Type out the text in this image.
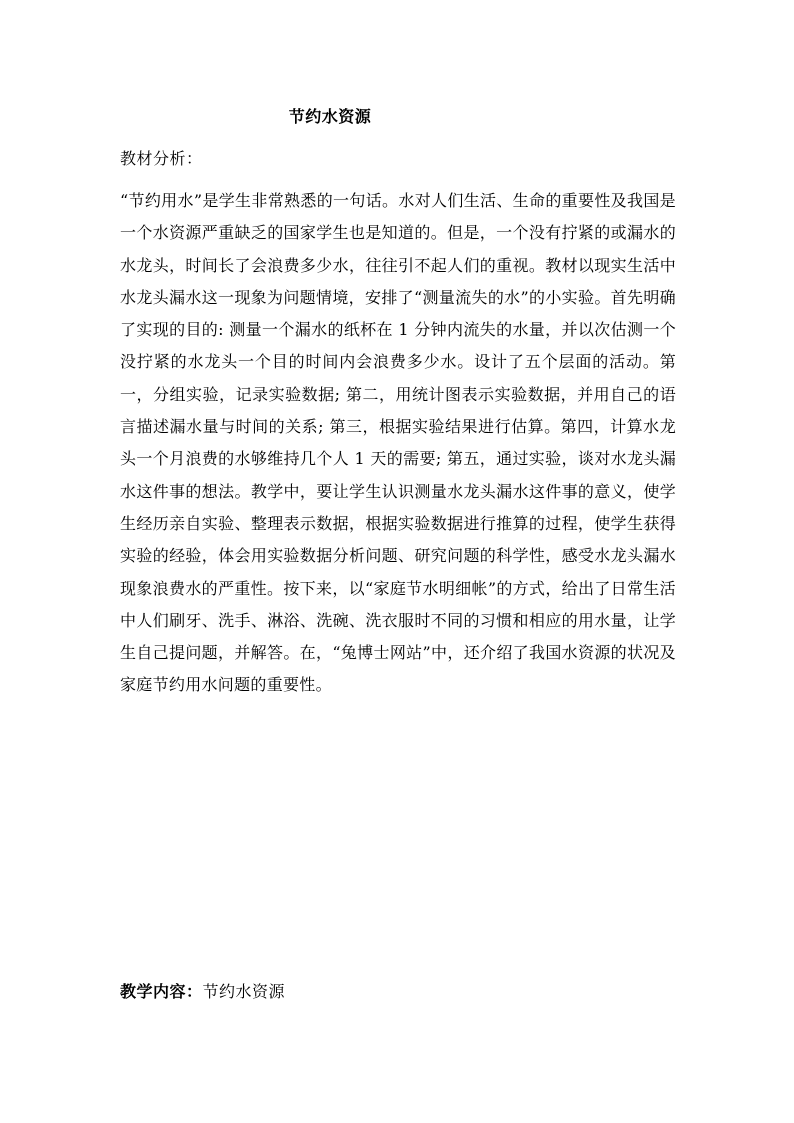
节约水资源
教材分析：

“节约用水”是学生非常熟悉的一句话。水对人们生活、生命的重要性及我国是一个水资源严重缺乏的国家学生也是知道的。但是，一个没有拧紧的或漏水的水龙头，时间长了会浪费多少水，往往引不起人们的重视。教材以现实生活中水龙头漏水这一现象为问题情境，安排了“测量流失的水”的小实验。首先明确了实现的目的: 测量一个漏水的纸杯在 1 分钟内流失的水量，并以次估测一个没拧紧的水龙头一个目的时间内会浪费多少水。设计了五个层面的活动。第一，分组实验，记录实验数据; 第二，用统计图表示实验数据，并用自己的语言描述漏水量与时间的关系; 第三，根据实验结果进行估算。第四，计算水龙头一个月浪费的水够维持几个人 1 天的需要; 第五，通过实验，谈对水龙头漏水这件事的想法。教学中，要让学生认识测量水龙头漏水这件事的意义，使学生经历亲自实验、整理表示数据，根据实验数据进行推算的过程，使学生获得实验的经验，体会用实验数据分析问题、研究问题的科学性，感受水龙头漏水现象浪费水的严重性。按下来，以“家庭节水明细帐”的方式，给出了日常生活中人们刷牙、洗手、淋浴、洗碗、洗衣服时不同的习惯和相应的用水量，让学生自己提问题，并解答。在，“兔博士网站”中，还介绍了我国水资源的状况及家庭节约用水问题的重要性。

教学内容：节约水资源
